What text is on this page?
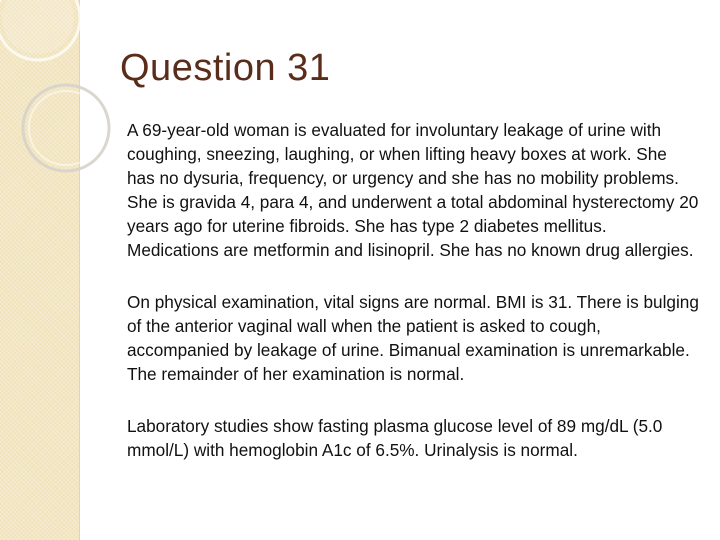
Question 31

A 69-year-old woman is evaluated for involuntary leakage of urine with coughing, sneezing, laughing, or when lifting heavy boxes at work. She has no dysuria, frequency, or urgency and she has no mobility problems. She is gravida 4, para 4, and underwent a total abdominal hysterectomy 20 years ago for uterine fibroids. She has type 2 diabetes mellitus. Medications are metformin and lisinopril. She has no known drug allergies.

On physical examination, vital signs are normal. BMI is 31. There is bulging of the anterior vaginal wall when the patient is asked to cough, accompanied by leakage of urine. Bimanual examination is unremarkable. The remainder of her examination is normal.

Laboratory studies show fasting plasma glucose level of 89 mg/dL (5.0 mmol/L) with hemoglobin A1c of 6.5%. Urinalysis is normal.
